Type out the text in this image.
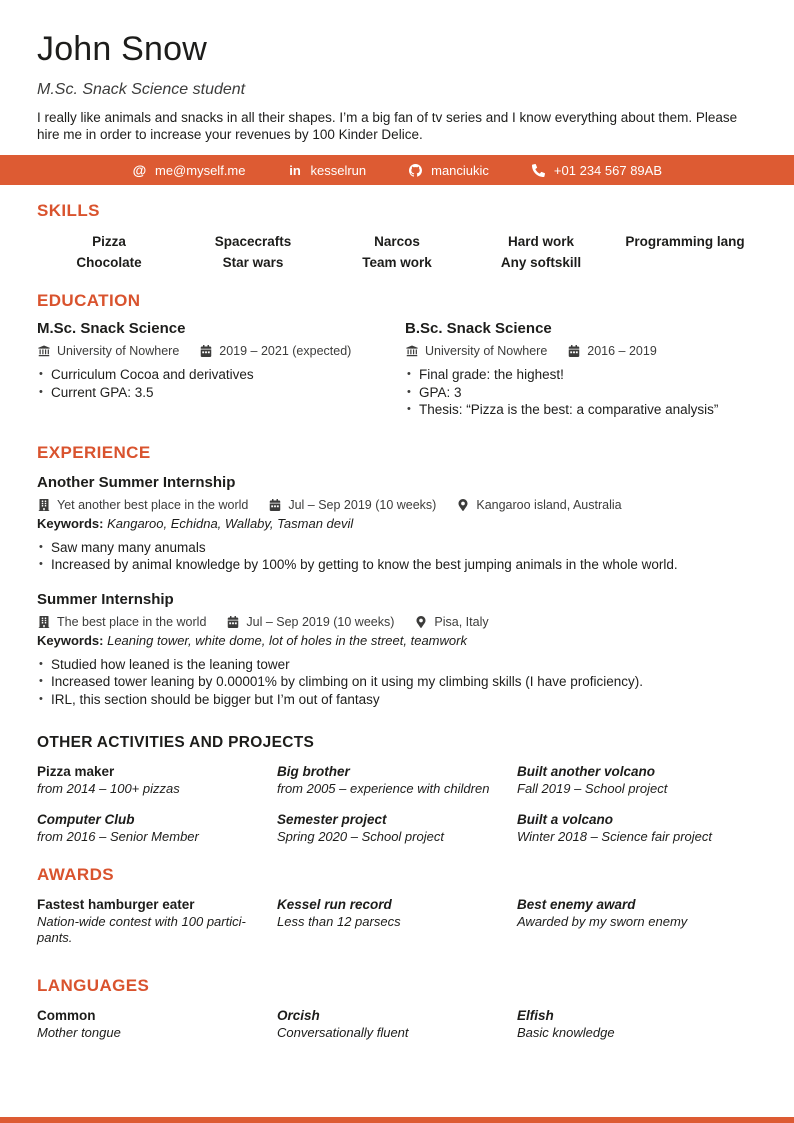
John Snow
M.Sc. Snack Science student
I really like animals and snacks in all their shapes. I’m a big fan of tv series and I know everything about them. Please hire me in order to increase your revenues by 100 Kinder Delice.
@ me@myself.me	in kesselrun	manciukic	+01 234 567 89AB
SKILLS
Pizza	Spacecrafts	Narcos	Hard work	Programming lang
Chocolate	Star wars	Team work	Any softskill
EDUCATION
M.Sc. Snack Science
University of Nowhere	2019 – 2021 (expected)
• Curriculum Cocoa and derivatives
• Current GPA: 3.5
B.Sc. Snack Science
University of Nowhere	2016 – 2019
• Final grade: the highest!
• GPA: 3
• Thesis: “Pizza is the best: a comparative analysis”
EXPERIENCE
Another Summer Internship
Yet another best place in the world	Jul – Sep 2019 (10 weeks)	Kangaroo island, Australia
Keywords: Kangaroo, Echidna, Wallaby, Tasman devil
• Saw many many anumals
• Increased by animal knowledge by 100% by getting to know the best jumping animals in the whole world.
Summer Internship
The best place in the world	Jul – Sep 2019 (10 weeks)	Pisa, Italy
Keywords: Leaning tower, white dome, lot of holes in the street, teamwork
• Studied how leaned is the leaning tower
• Increased tower leaning by 0.00001% by climbing on it using my climbing skills (I have proficiency).
• IRL, this section should be bigger but I’m out of fantasy
OTHER ACTIVITIES AND PROJECTS
Pizza maker
from 2014 – 100+ pizzas
Big brother
from 2005 – experience with children
Built another volcano
Fall 2019 – School project
Computer Club
from 2016 – Senior Member
Semester project
Spring 2020 – School project
Built a volcano
Winter 2018 – Science fair project
AWARDS
Fastest hamburger eater
Nation-wide contest with 100 participants.
Kessel run record
Less than 12 parsecs
Best enemy award
Awarded by my sworn enemy
LANGUAGES
Common
Mother tongue
Orcish
Conversationally fluent
Elfish
Basic knowledge
